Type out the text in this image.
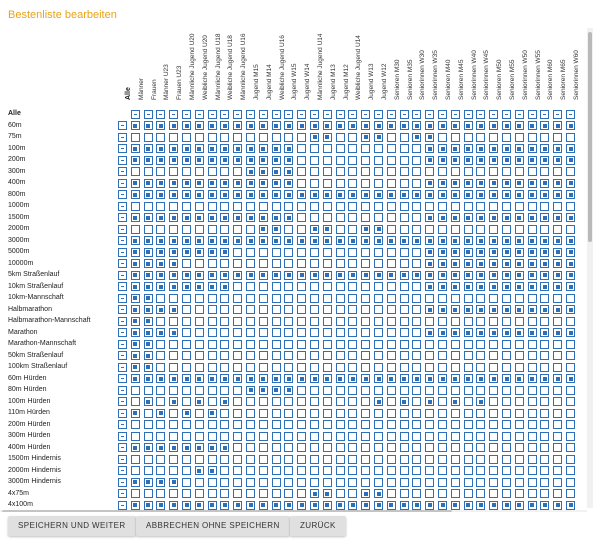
Bestenliste bearbeiten
Alle Männer Frauen Männer U23 Frauen U23 Männliche Jugend U20 Weibliche Jugend U20 Männliche Jugend U18 Weibliche Jugend U18 Männliche Jugend U16 Jugend M15 Jugend M14 Weibliche Jugend U16 Jugend W15 Jugend W14 Männliche Jugend U14 Jugend M13 Jugend M12 Weibliche Jugend U14 Jugend W13 Jugend W12 Senioren M30 Senioren M35 Seniorinnen W30 Seniorinnen W35 Senioren M40 Senioren M45 Seniorinnen W40 Seniorinnen W45 Senioren M50 Senioren M55 Seniorinnen W50 Seniorinnen W55 Senioren M60 Senioren M65 Seniorinnen W60
Alle
60m
75m
100m
200m
300m
400m
800m
1000m
1500m
2000m
3000m
5000m
10000m
5km Straßenlauf
10km Straßenlauf
10km-Mannschaft
Halbmarathon
Halbmarathon-Mannschaft
Marathon
Marathon-Mannschaft
50km Straßenlauf
100km Straßenlauf
60m Hürden
80m Hürden
100m Hürden
110m Hürden
200m Hürden
300m Hürden
400m Hürden
1500m Hindernis
2000m Hindernis
3000m Hindernis
4x75m
4x100m
SPEICHERN UND WEITER	ABBRECHEN OHNE SPEICHERN	ZURÜCK
